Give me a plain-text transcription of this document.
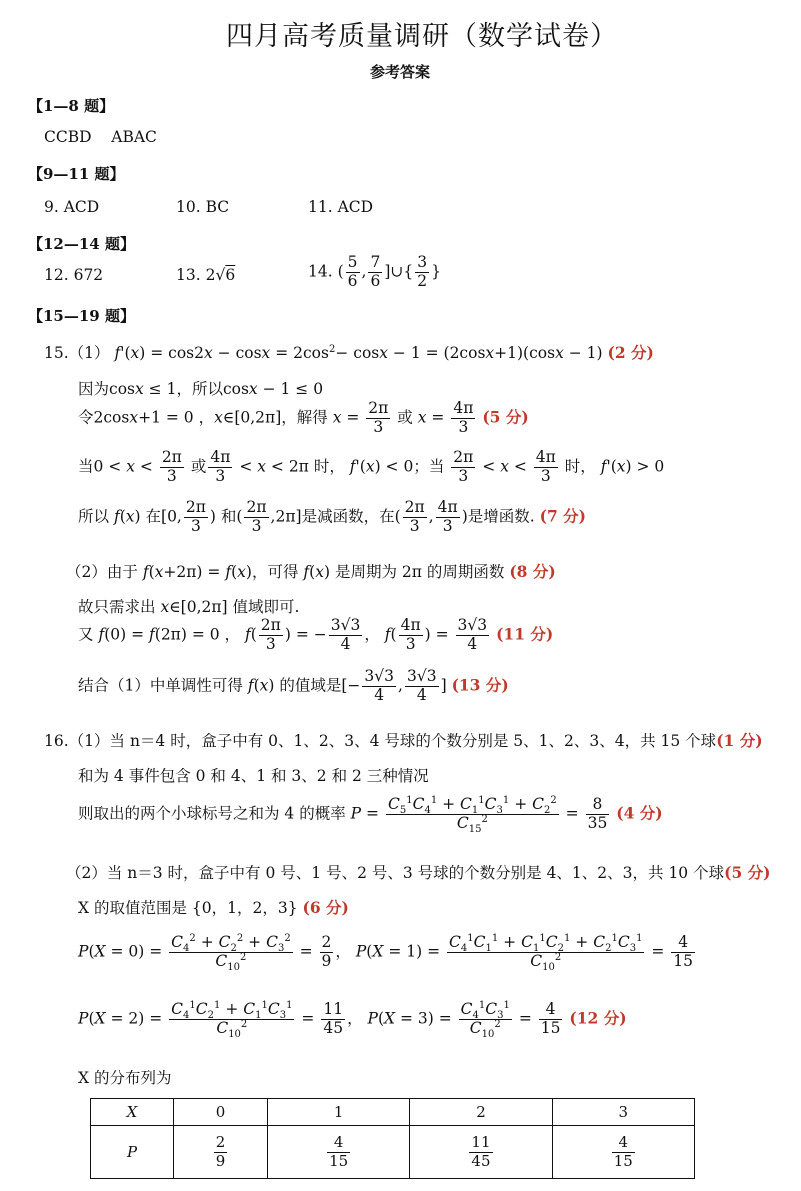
四月高考质量调研（数学试卷）
参考答案
【1—8 题】
CCBD    ABAC
【9—11 题】
9. ACD	10. BC	11. ACD
【12—14 题】
12. 672	13. 2√6	14. ( $\frac{5}{6}$ , $\frac{7}{6}$ ]∪{ $\frac{3}{2}$ }
【15—19 题】
15.（1） $f'(x) = \cos 2x - \cos x = 2\cos^2- \cos x - 1 = (2\cos x+1)(\cos x - 1)$ (2 分)
因为cosx ≤ 1，所以cosx − 1 ≤ 0
令2cosx+1 = 0 ，x∈[0,2π]，解得 $x = \frac{2\pi}{3}$ 或 $x = \frac{4\pi}{3} (5$ 分)
当$0 < x < \frac{2\pi}{3}$ 或 $\frac{4\pi}{3} < x < 2\pi$ 时， f'(x) < 0；当 $\frac{2\pi}{3} < x < \frac{4\pi}{3}$ 时， f'(x) > 0
所以 f(x) 在[0, $\frac{2\pi}{3}$ ) 和( $\frac{2\pi}{3} ,2\pi$]是减函数，在( $\frac{2\pi}{3}$ , $\frac{4\pi}{3}$ )是增函数. (7 分)
（2）由于 f(x+2π) = f(x)，可得 f(x) 是周期为 2π 的周期函数 (8 分)
故只需求出 x∈[0,2π] 值域即可.
又 f(0) = f(2π) = 0 ， $f( \frac{2\pi}{3}$ ) = − $\frac{3√3}{4}$ ， $f( \frac{4\pi}{3}$ ) = $\frac{3√3}{4} (11$ 分)
结合（1）中单调性可得 f(x) 的值域是[− $\frac{3√3}{4}$ , $\frac{3√3}{4}$ ] (13 分)
16.（1）当 n＝4 时，盒子中有 0、1、2、3、4 号球的个数分别是 5、1、2、3、4，共 15 个球(1 分)
和为 4 事件包含 0 和 4、1 和 3、2 和 2 三种情况
则取出的两个小球标号之和为 4 的概率 $P = \frac{C_5^1C_4^1 + C_1^1C_3^1 + C_2^2}{C_{15}^2} = \frac{8}{35} (4$ 分)
（2）当 n＝3 时，盒子中有 0 号、1 号、2 号、3 号球的个数分别是 4、1、2、3，共 10 个球(5 分)
X 的取值范围是 {0，1，2，3} (6 分)
$P(X = 0) = \frac{C_4^2 + C_2^2 + C_3^2}{C_{10}^2} = \frac{2}{9}$ ， $P(X = 1) = \frac{C_4^1C_1^1 + C_1^1C_2^1 + C_2^1C_3^1}{C_{10}^2} = \frac{4}{15}$
$P(X = 2) = \frac{C_4^1C_2^1 + C_1^1C_3^1}{C_{10}^2} = \frac{11}{45}$ ， $P(X = 3) = \frac{C_4^1C_3^1}{C_{10}^2} = \frac{4}{15} (12$ 分)
X 的分布列为
X	0	1	2	3
P	$\frac{2}{9}$	$\frac{4}{15}$	$\frac{11}{45}$	$\frac{4}{15}$
